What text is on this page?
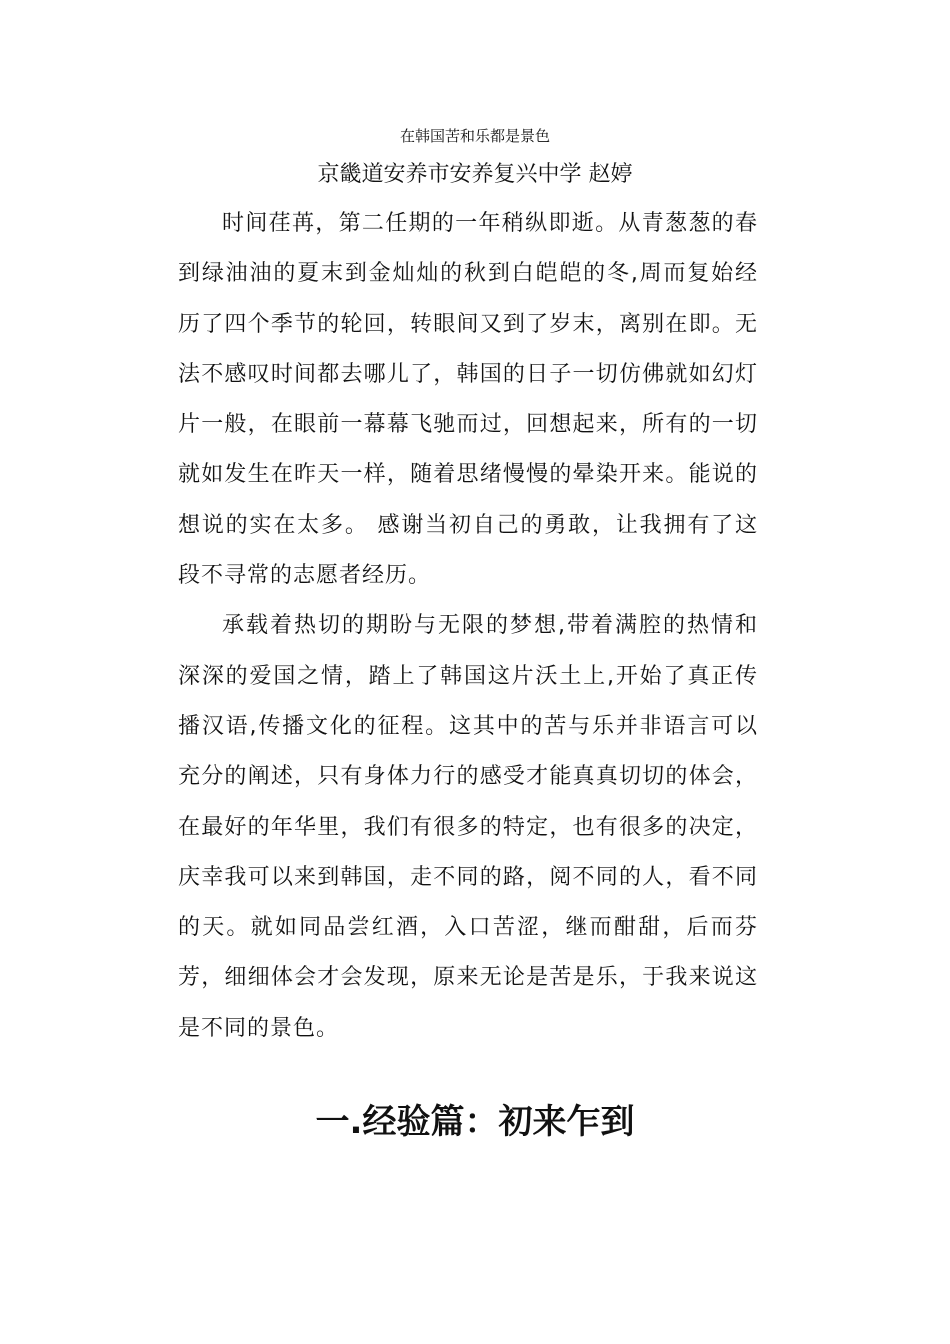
在韩国苦和乐都是景色
京畿道安养市安养复兴中学 赵婷

时间荏苒，第二任期的一年稍纵即逝。从青葱葱的春到绿油油的夏末到金灿灿的秋到白皑皑的冬,周而复始经历了四个季节的轮回，转眼间又到了岁末，离别在即。无法不感叹时间都去哪儿了，韩国的日子一切仿佛就如幻灯片一般，在眼前一幕幕飞驰而过，回想起来，所有的一切就如发生在昨天一样，随着思绪慢慢的晕染开来。能说的想说的实在太多。 感谢当初自己的勇敢，让我拥有了这段不寻常的志愿者经历。

承载着热切的期盼与无限的梦想,带着满腔的热情和深深的爱国之情，踏上了韩国这片沃土上,开始了真正传播汉语,传播文化的征程。这其中的苦与乐并非语言可以充分的阐述，只有身体力行的感受才能真真切切的体会，在最好的年华里，我们有很多的特定，也有很多的决定，庆幸我可以来到韩国，走不同的路，阅不同的人，看不同的天。就如同品尝红酒，入口苦涩，继而酣甜，后而芬芳，细细体会才会发现，原来无论是苦是乐，于我来说这是不同的景色。

一.经验篇：初来乍到
